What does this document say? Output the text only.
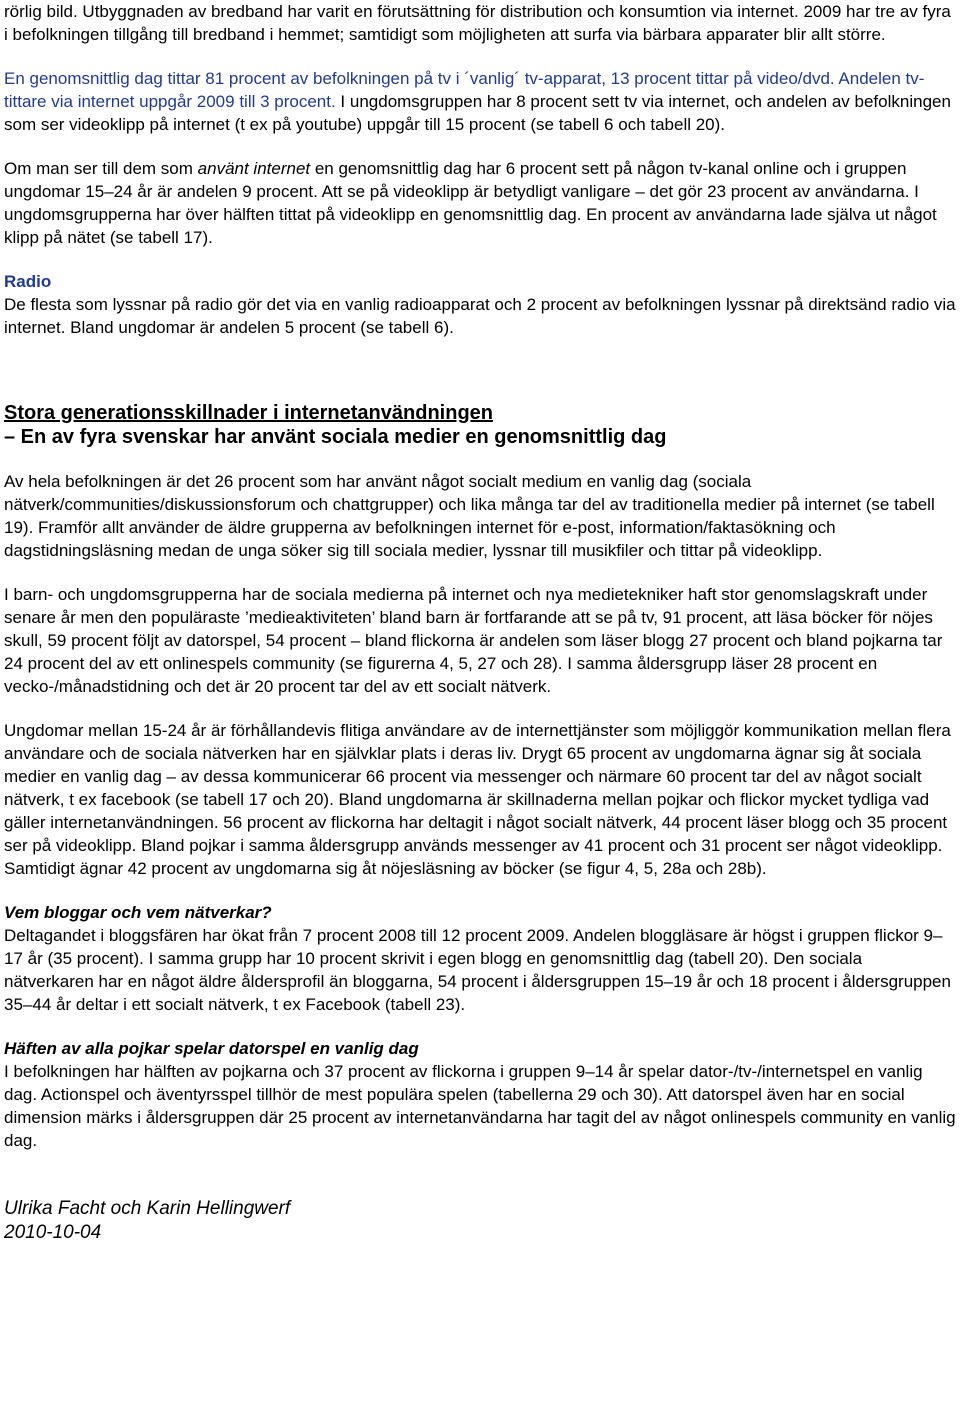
rörlig bild. Utbyggnaden av bredband har varit en förutsättning för distribution och konsumtion via internet. 2009 har tre av fyra i befolkningen tillgång till bredband i hemmet; samtidigt som möjligheten att surfa via bärbara apparater blir allt större.

En genomsnittlig dag tittar 81 procent av befolkningen på tv i ´vanlig´ tv-apparat, 13 procent tittar på video/dvd. Andelen tv-tittare via internet uppgår 2009 till 3 procent. I ungdomsgruppen har 8 procent sett tv via internet, och andelen av befolkningen som ser videoklipp på internet (t ex på youtube) uppgår till 15 procent (se tabell 6 och tabell 20).

Om man ser till dem som använt internet en genomsnittlig dag har 6 procent sett på någon tv-kanal online och i gruppen ungdomar 15–24 år är andelen 9 procent. Att se på videoklipp är betydligt vanligare – det gör 23 procent av användarna. I ungdomsgrupperna har över hälften tittat på videoklipp en genomsnittlig dag. En procent av användarna lade själva ut något klipp på nätet (se tabell 17).

Radio

De flesta som lyssnar på radio gör det via en vanlig radioapparat och 2 procent av befolkningen lyssnar på direktsänd radio via internet. Bland ungdomar är andelen 5 procent (se tabell 6).

Stora generationsskillnader i internetanvändningen

– En av fyra svenskar har använt sociala medier en genomsnittlig dag

Av hela befolkningen är det 26 procent som har använt något socialt medium en vanlig dag (sociala nätverk/communities/diskussionsforum och chattgrupper) och lika många tar del av traditionella medier på internet (se tabell 19). Framför allt använder de äldre grupperna av befolkningen internet för e-post, information/faktasökning och dagstidningsläsning medan de unga söker sig till sociala medier, lyssnar till musikfiler och tittar på videoklipp.

I barn- och ungdomsgrupperna har de sociala medierna på internet och nya medietekniker haft stor genomslagskraft under senare år men den populäraste ’medieaktiviteten’ bland barn är fortfarande att se på tv, 91 procent, att läsa böcker för nöjes skull, 59 procent följt av datorspel, 54 procent – bland flickorna är andelen som läser blogg 27 procent och bland pojkarna tar 24 procent del av ett onlinespels community (se figurerna 4, 5, 27 och 28). I samma åldersgrupp läser 28 procent en vecko-/månadstidning och det är 20 procent tar del av ett socialt nätverk.

Ungdomar mellan 15-24 år är förhållandevis flitiga användare av de internettjänster som möjliggör kommunikation mellan flera användare och de sociala nätverken har en självklar plats i deras liv. Drygt 65 procent av ungdomarna ägnar sig åt sociala medier en vanlig dag – av dessa kommunicerar 66 procent via messenger och närmare 60 procent tar del av något socialt nätverk, t ex facebook (se tabell 17 och 20). Bland ungdomarna är skillnaderna mellan pojkar och flickor mycket tydliga vad gäller internetanvändningen. 56 procent av flickorna har deltagit i något socialt nätverk, 44 procent läser blogg och 35 procent ser på videoklipp. Bland pojkar i samma åldersgrupp används messenger av 41 procent och 31 procent ser något videoklipp. Samtidigt ägnar 42 procent av ungdomarna sig åt nöjesläsning av böcker (se figur 4, 5, 28a och 28b).

Vem bloggar och vem nätverkar?

Deltagandet i bloggsfären har ökat från 7 procent 2008 till 12 procent 2009. Andelen bloggläsare är högst i gruppen flickor 9–17 år (35 procent). I samma grupp har 10 procent skrivit i egen blogg en genomsnittlig dag (tabell 20). Den sociala nätverkaren har en något äldre åldersprofil än bloggarna, 54 procent i åldersgruppen 15–19 år och 18 procent i åldersgruppen 35–44 år deltar i ett socialt nätverk, t ex Facebook (tabell 23).

Häften av alla pojkar spelar datorspel en vanlig dag

I befolkningen har hälften av pojkarna och 37 procent av flickorna i gruppen 9–14 år spelar dator-/tv-/internetspel en vanlig dag. Actionspel och äventyrsspel tillhör de mest populära spelen (tabellerna 29 och 30). Att datorspel även har en social dimension märks i åldersgruppen där 25 procent av internetanvändarna har tagit del av något onlinespels community en vanlig dag.

Ulrika Facht och Karin Hellingwerf

2010-10-04
